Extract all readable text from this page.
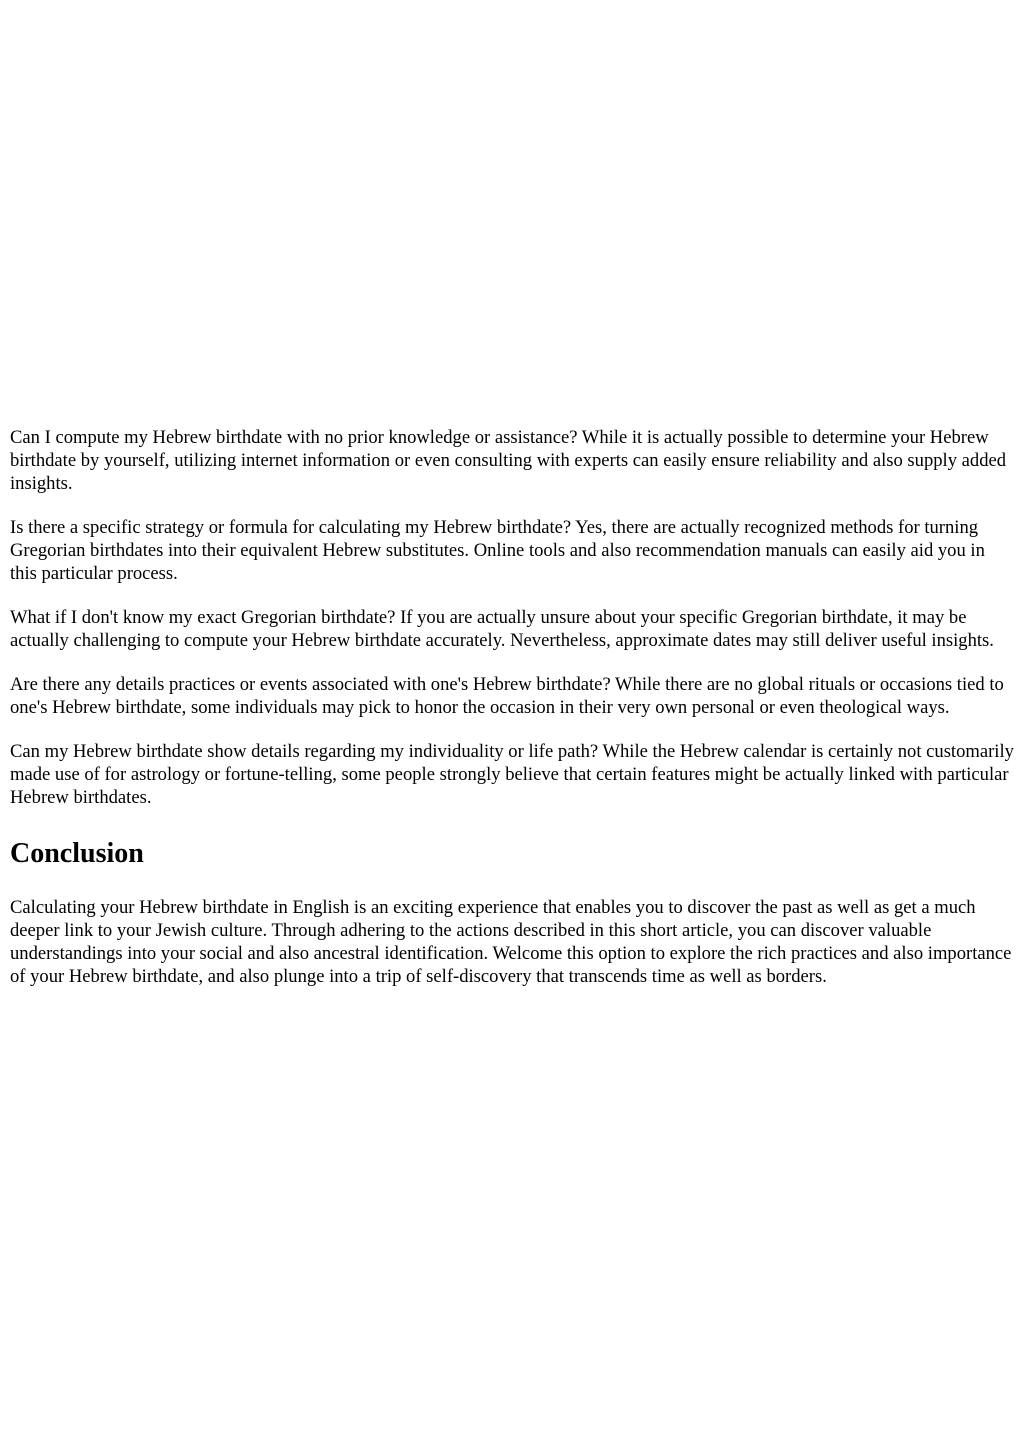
Can I compute my Hebrew birthdate with no prior knowledge or assistance? While it is actually possible to determine your Hebrew birthdate by yourself, utilizing internet information or even consulting with experts can easily ensure reliability and also supply added insights.

Is there a specific strategy or formula for calculating my Hebrew birthdate? Yes, there are actually recognized methods for turning Gregorian birthdates into their equivalent Hebrew substitutes. Online tools and also recommendation manuals can easily aid you in this particular process.

What if I don't know my exact Gregorian birthdate? If you are actually unsure about your specific Gregorian birthdate, it may be actually challenging to compute your Hebrew birthdate accurately. Nevertheless, approximate dates may still deliver useful insights.

Are there any details practices or events associated with one's Hebrew birthdate? While there are no global rituals or occasions tied to one's Hebrew birthdate, some individuals may pick to honor the occasion in their very own personal or even theological ways.

Can my Hebrew birthdate show details regarding my individuality or life path? While the Hebrew calendar is certainly not customarily made use of for astrology or fortune-telling, some people strongly believe that certain features might be actually linked with particular Hebrew birthdates.

Conclusion

Calculating your Hebrew birthdate in English is an exciting experience that enables you to discover the past as well as get a much deeper link to your Jewish culture. Through adhering to the actions described in this short article, you can discover valuable understandings into your social and also ancestral identification. Welcome this option to explore the rich practices and also importance of your Hebrew birthdate, and also plunge into a trip of self-discovery that transcends time as well as borders.
